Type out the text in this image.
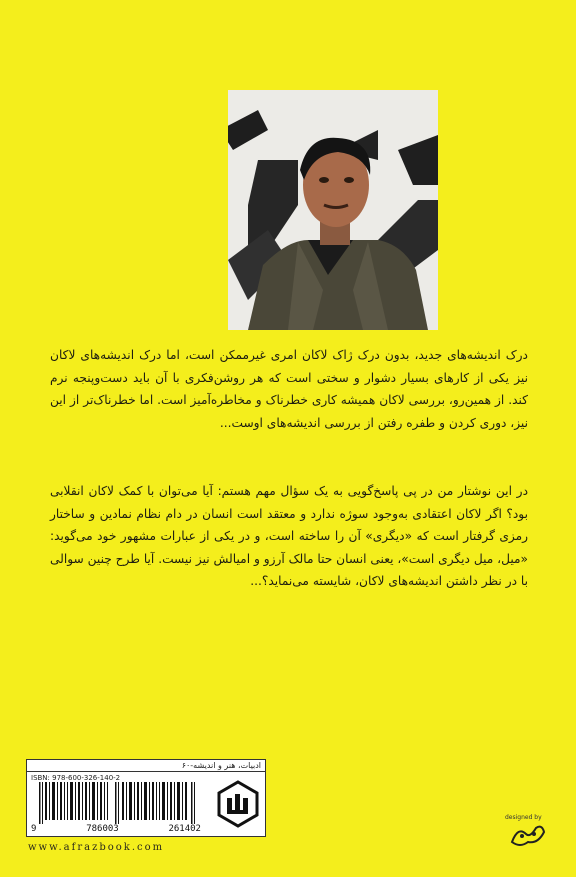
درک اندیشه‌های جدید، بدون درک ژاک لاکان امری غیرممکن است، اما درک اندیشه‌های لاکان نیز یکی از کارهای بسیار دشوار و سختی است که هر روشن‌فکری با آن باید دست‌وپنجه نرم کند. از همین‌رو، بررسی لاکان همیشه کاری خطرناک و مخاطره‌آمیز است. اما خطرناک‌تر از این نیز، دوری کردن و طفره رفتن از بررسی اندیشه‌های اوست...
در این نوشتار من در پی پاسخ‌گویی به یک سؤال مهم هستم: آیا می‌توان با کمک لاکان انقلابی بود؟ اگر لاکان اعتقادی به‌وجود سوژه ندارد و معتقد است انسان در دام نظام نمادین و ساختار رمزی گرفتار است که «دیگری» آن را ساخته است، و در یکی از عبارات مشهور خود می‌گوید: «میل، میل دیگری است»، یعنی انسان حتا مالک آرزو و امیالش نیز نیست. آیا طرح چنین سوالی با در نظر داشتن اندیشه‌های لاکان، شایسته می‌نماید؟...
ادبیات، هنر و اندیشه-۶۰
ISBN: 978-600-326-140-2
9	786003	261402
www.afrazbook.com
designed by
